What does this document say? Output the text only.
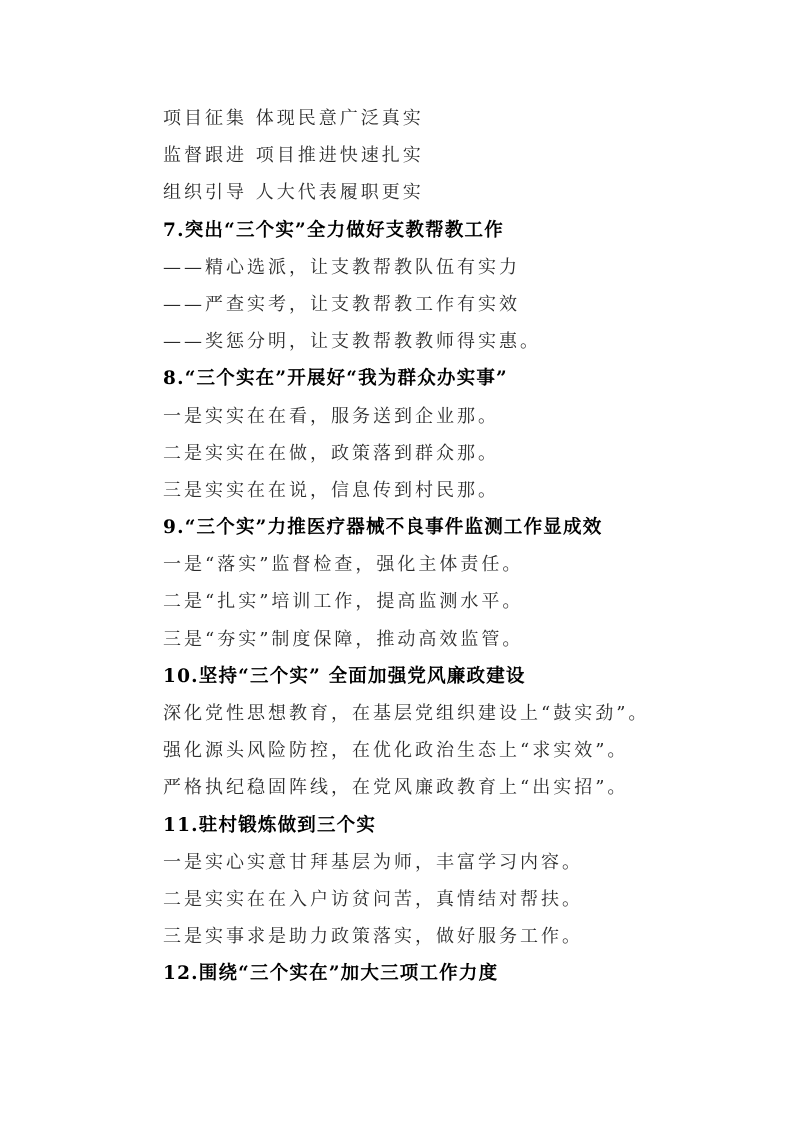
项目征集 体现民意广泛真实
监督跟进 项目推进快速扎实
组织引导 人大代表履职更实
7.突出“三个实”全力做好支教帮教工作
——精心选派，让支教帮教队伍有实力
——严查实考，让支教帮教工作有实效
——奖惩分明，让支教帮教教师得实惠。
8.“三个实在”开展好“我为群众办实事”
一是实实在在看，服务送到企业那。
二是实实在在做，政策落到群众那。
三是实实在在说，信息传到村民那。
9.“三个实”力推医疗器械不良事件监测工作显成效
一是“落实”监督检查，强化主体责任。
二是“扎实”培训工作，提高监测水平。
三是“夯实”制度保障，推动高效监管。
10.坚持“三个实” 全面加强党风廉政建设
深化党性思想教育，在基层党组织建设上“鼓实劲”。
强化源头风险防控，在优化政治生态上“求实效”。
严格执纪稳固阵线，在党风廉政教育上“出实招”。
11.驻村锻炼做到三个实
一是实心实意甘拜基层为师，丰富学习内容。
二是实实在在入户访贫问苦，真情结对帮扶。
三是实事求是助力政策落实，做好服务工作。
12.围绕“三个实在”加大三项工作力度
